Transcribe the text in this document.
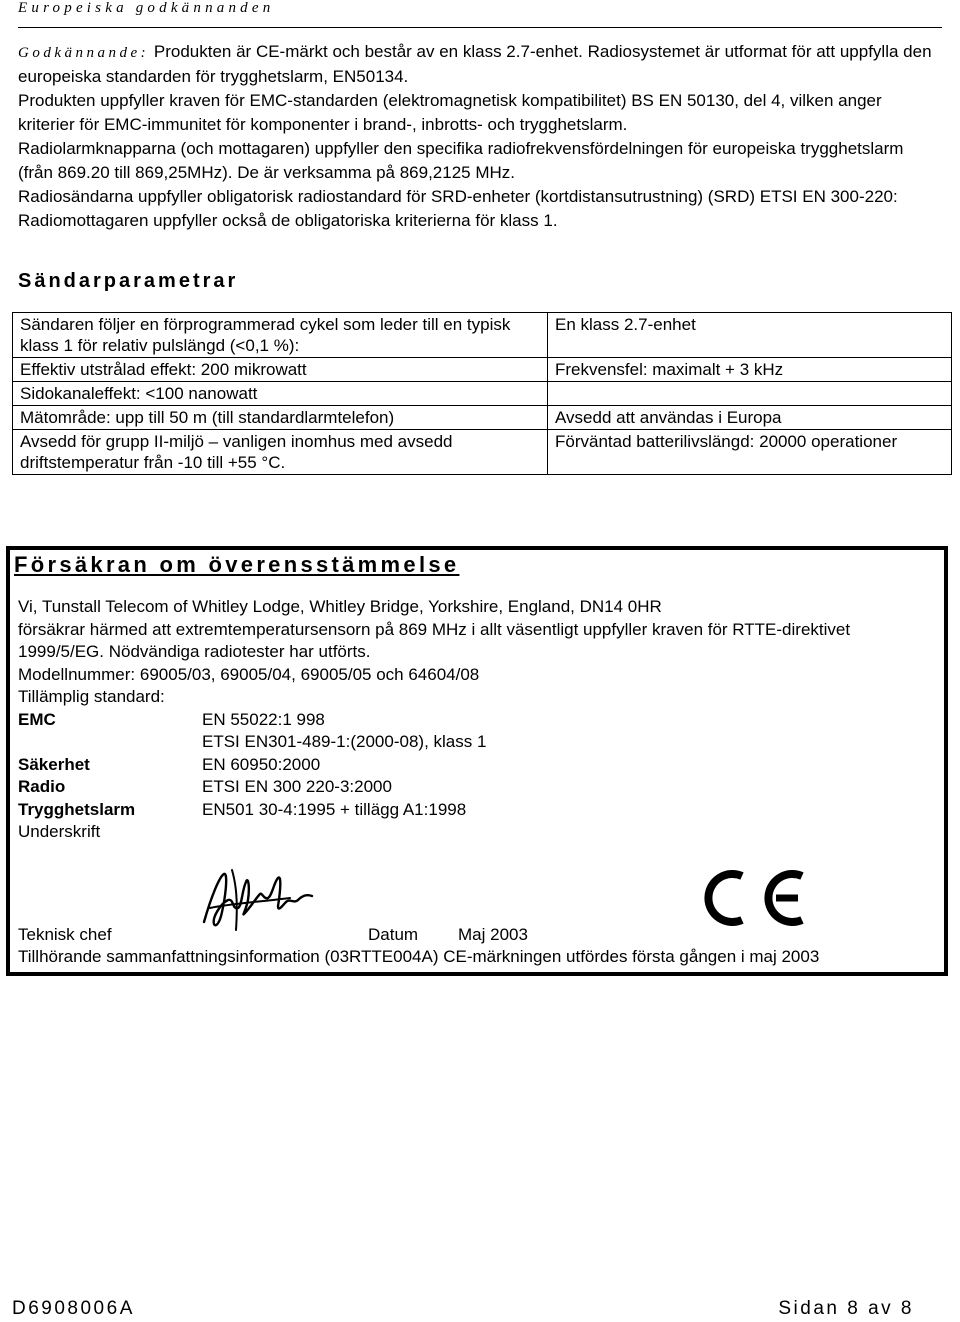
Europeiska godkännanden

Godkännande: Produkten är CE-märkt och består av en klass 2.7-enhet. Radiosystemet är utformat för att uppfylla den europeiska standarden för trygghetslarm, EN50134.

Produkten uppfyller kraven för EMC-standarden (elektromagnetisk kompatibilitet) BS EN 50130, del 4, vilken anger kriterier för EMC-immunitet för komponenter i brand-, inbrotts- och trygghetslarm.

Radiolarmknapparna (och mottagaren) uppfyller den specifika radiofrekvensfördelningen för europeiska trygghetslarm (från 869.20 till 869,25MHz). De är verksamma på 869,2125 MHz.

Radiosändarna uppfyller obligatorisk radiostandard för SRD-enheter (kortdistansutrustning) (SRD) ETSI EN 300-220: Radiomottagaren uppfyller också de obligatoriska kriterierna för klass 1.

Sändarparametrar
Sändaren följer en förprogrammerad cykel som leder till en typisk klass 1 för relativ pulslängd (<0,1 %):	En klass 2.7-enhet
Effektiv utstrålad effekt: 200 mikrowatt	Frekvensfel: maximalt + 3 kHz
Sidokanaleffekt: <100 nanowatt	
Mätområde: upp till 50 m (till standardlarmtelefon)	Avsedd att användas i Europa
Avsedd för grupp II-miljö – vanligen inomhus med avsedd driftstemperatur från -10 till +55 °C.	Förväntad batterilivslängd: 20000 operationer
Försäkran om överensstämmelse

Vi, Tunstall Telecom of Whitley Lodge, Whitley Bridge, Yorkshire, England, DN14 0HR

försäkrar härmed att extremtemperatursensorn på 869 MHz i allt väsentligt uppfyller kraven för RTTE-direktivet 1999/5/EG. Nödvändiga radiotester har utförts.

Modellnummer: 69005/03, 69005/04, 69005/05 och 64604/08

Tillämplig standard:

EMC	EN 55022:1 998
ETSI EN301-489-1:(2000-08), klass 1
Säkerhet	EN 60950:2000
Radio	ETSI EN 300 220-3:2000
Trygghetslarm	EN501 30-4:1995 + tillägg A1:1998

Underskrift

Teknisk chef	Datum Maj 2003
Tillhörande sammanfattningsinformation (03RTTE004A) CE-märkningen utfördes första gången i maj 2003
D6908006A	Sidan 8 av 8
